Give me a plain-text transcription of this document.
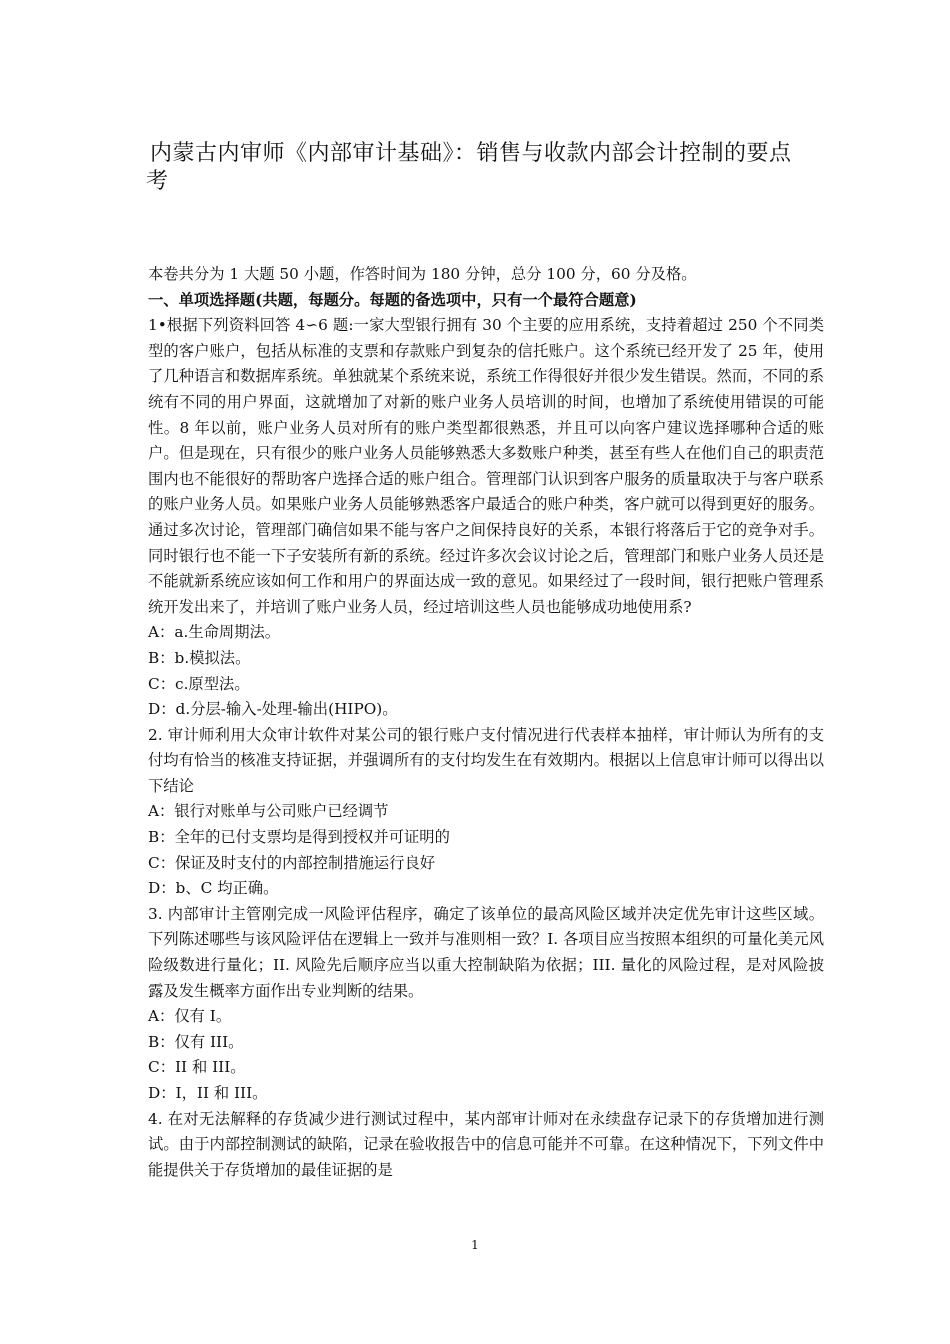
内蒙古内审师《内部审计基础》：销售与收款内部会计控制的要点
考

本卷共分为 1 大题 50 小题，作答时间为 180 分钟，总分 100 分，60 分及格。

一、单项选择题(共题，每题分。每题的备选项中，只有一个最符合题意)

1•根据下列资料回答 4∽6 题:一家大型银行拥有 30 个主要的应用系统，支持着超过 250 个不同类型的客户账户，包括从标准的支票和存款账户到复杂的信托账户。这个系统已经开发了 25 年，使用了几种语言和数据库系统。单独就某个系统来说，系统工作得很好并很少发生错误。然而，不同的系统有不同的用户界面，这就增加了对新的账户业务人员培训的时间，也增加了系统使用错误的可能性。8 年以前，账户业务人员对所有的账户类型都很熟悉，并且可以向客户建议选择哪种合适的账户。但是现在，只有很少的账户业务人员能够熟悉大多数账户种类，甚至有些人在他们自己的职责范围内也不能很好的帮助客户选择合适的账户组合。管理部门认识到客户服务的质量取决于与客户联系的账户业务人员。如果账户业务人员能够熟悉客户最适合的账户种类，客户就可以得到更好的服务。通过多次讨论，管理部门确信如果不能与客户之间保持良好的关系，本银行将落后于它的竞争对手。同时银行也不能一下子安装所有新的系统。经过许多次会议讨论之后，管理部门和账户业务人员还是不能就新系统应该如何工作和用户的界面达成一致的意见。如果经过了一段时间，银行把账户管理系统开发出来了，并培训了账户业务人员，经过培训这些人员也能够成功地使用系?

A：a.生命周期法。

B：b.模拟法。

C：c.原型法。

D：d.分层-输入-处理-输出(HIPO)。

2. 审计师利用大众审计软件对某公司的银行账户支付情况进行代表样本抽样，审计师认为所有的支付均有恰当的核准支持证据，并强调所有的支付均发生在有效期内。根据以上信息审计师可以得出以下结论

A：银行对账单与公司账户已经调节

B：全年的已付支票均是得到授权并可证明的

C：保证及时支付的内部控制措施运行良好

D：b、C 均正确。

3. 内部审计主管刚完成一风险评估程序，确定了该单位的最高风险区域并决定优先审计这些区域。下列陈述哪些与该风险评估在逻辑上一致并与准则相一致？I. 各项目应当按照本组织的可量化美元风险级数进行量化；II. 风险先后顺序应当以重大控制缺陷为依据；III. 量化的风险过程，是对风险披露及发生概率方面作出专业判断的结果。

A：仅有 I。

B：仅有 III。

C：II 和 III。

D：I，II 和 III。

4. 在对无法解释的存货减少进行测试过程中，某内部审计师对在永续盘存记录下的存货增加进行测试。由于内部控制测试的缺陷，记录在验收报告中的信息可能并不可靠。在这种情况下，下列文件中能提供关于存货增加的最佳证据的是

1
